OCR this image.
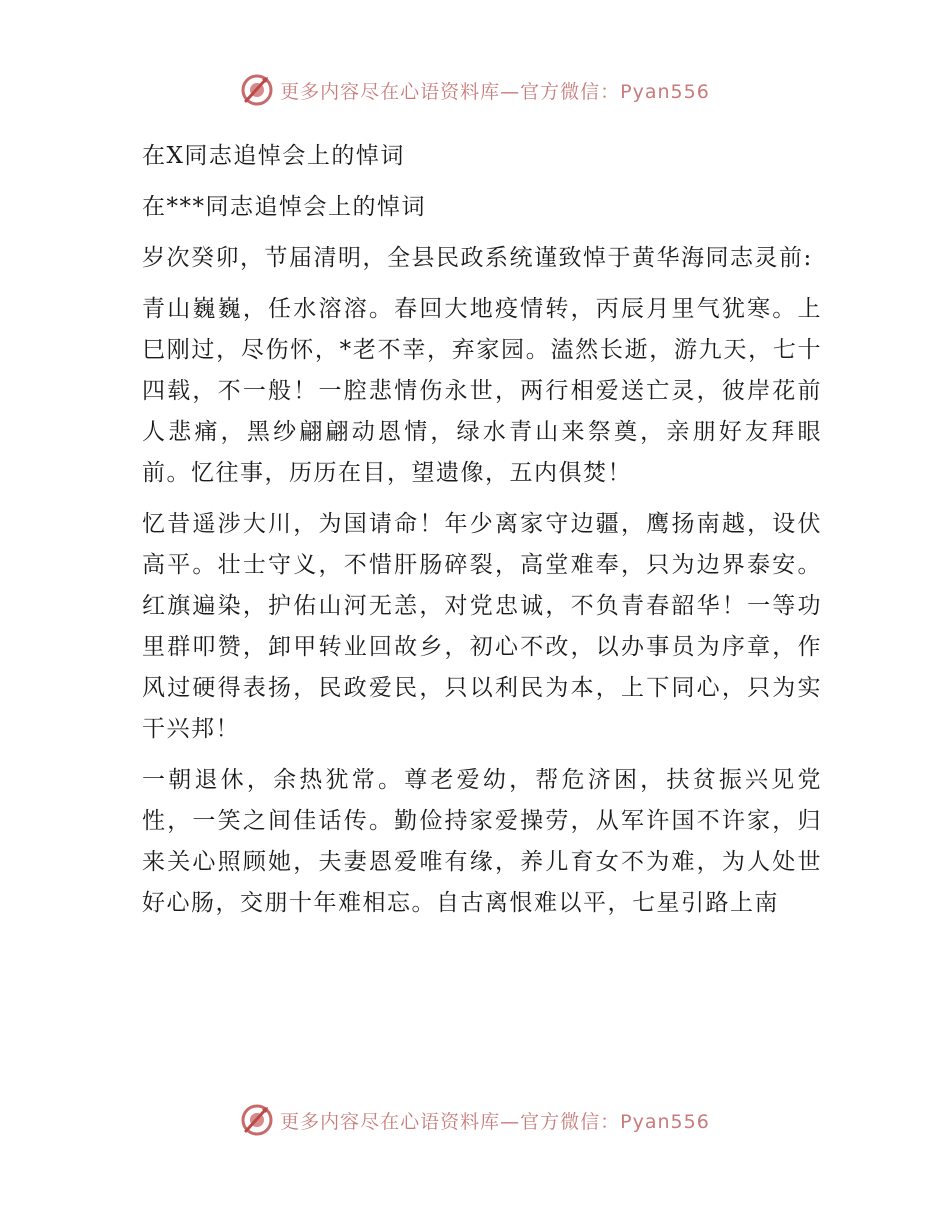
更多内容尽在心语资料库—官方微信：Pyan556

在X同志追悼会上的悼词

在***同志追悼会上的悼词

岁次癸卯，节届清明，全县民政系统谨致悼于黄华海同志灵前:

青山巍巍，任水溶溶。春回大地疫情转，丙辰月里气犹寒。上巳刚过，尽伤怀，*老不幸，弃家园。溘然长逝，游九天，七十四载，不一般！一腔悲情伤永世，两行相爱送亡灵，彼岸花前人悲痛，黑纱翩翩动恩情，绿水青山来祭奠，亲朋好友拜眼前。忆往事，历历在目，望遗像，五内俱焚！

忆昔遥涉大川，为国请命！年少离家守边疆，鹰扬南越，设伏高平。壮士守义，不惜肝肠碎裂，高堂难奉，只为边界泰安。红旗遍染，护佑山河无恙，对党忠诚，不负青春韶华！一等功里群叩赞，卸甲转业回故乡，初心不改，以办事员为序章，作风过硬得表扬，民政爱民，只以利民为本，上下同心，只为实干兴邦！

一朝退休，余热犹常。尊老爱幼，帮危济困，扶贫振兴见党性，一笑之间佳话传。勤俭持家爱操劳，从军许国不许家，归来关心照顾她，夫妻恩爱唯有缘，养儿育女不为难，为人处世好心肠，交朋十年难相忘。自古离恨难以平，七星引路上南

更多内容尽在心语资料库—官方微信：Pyan556
